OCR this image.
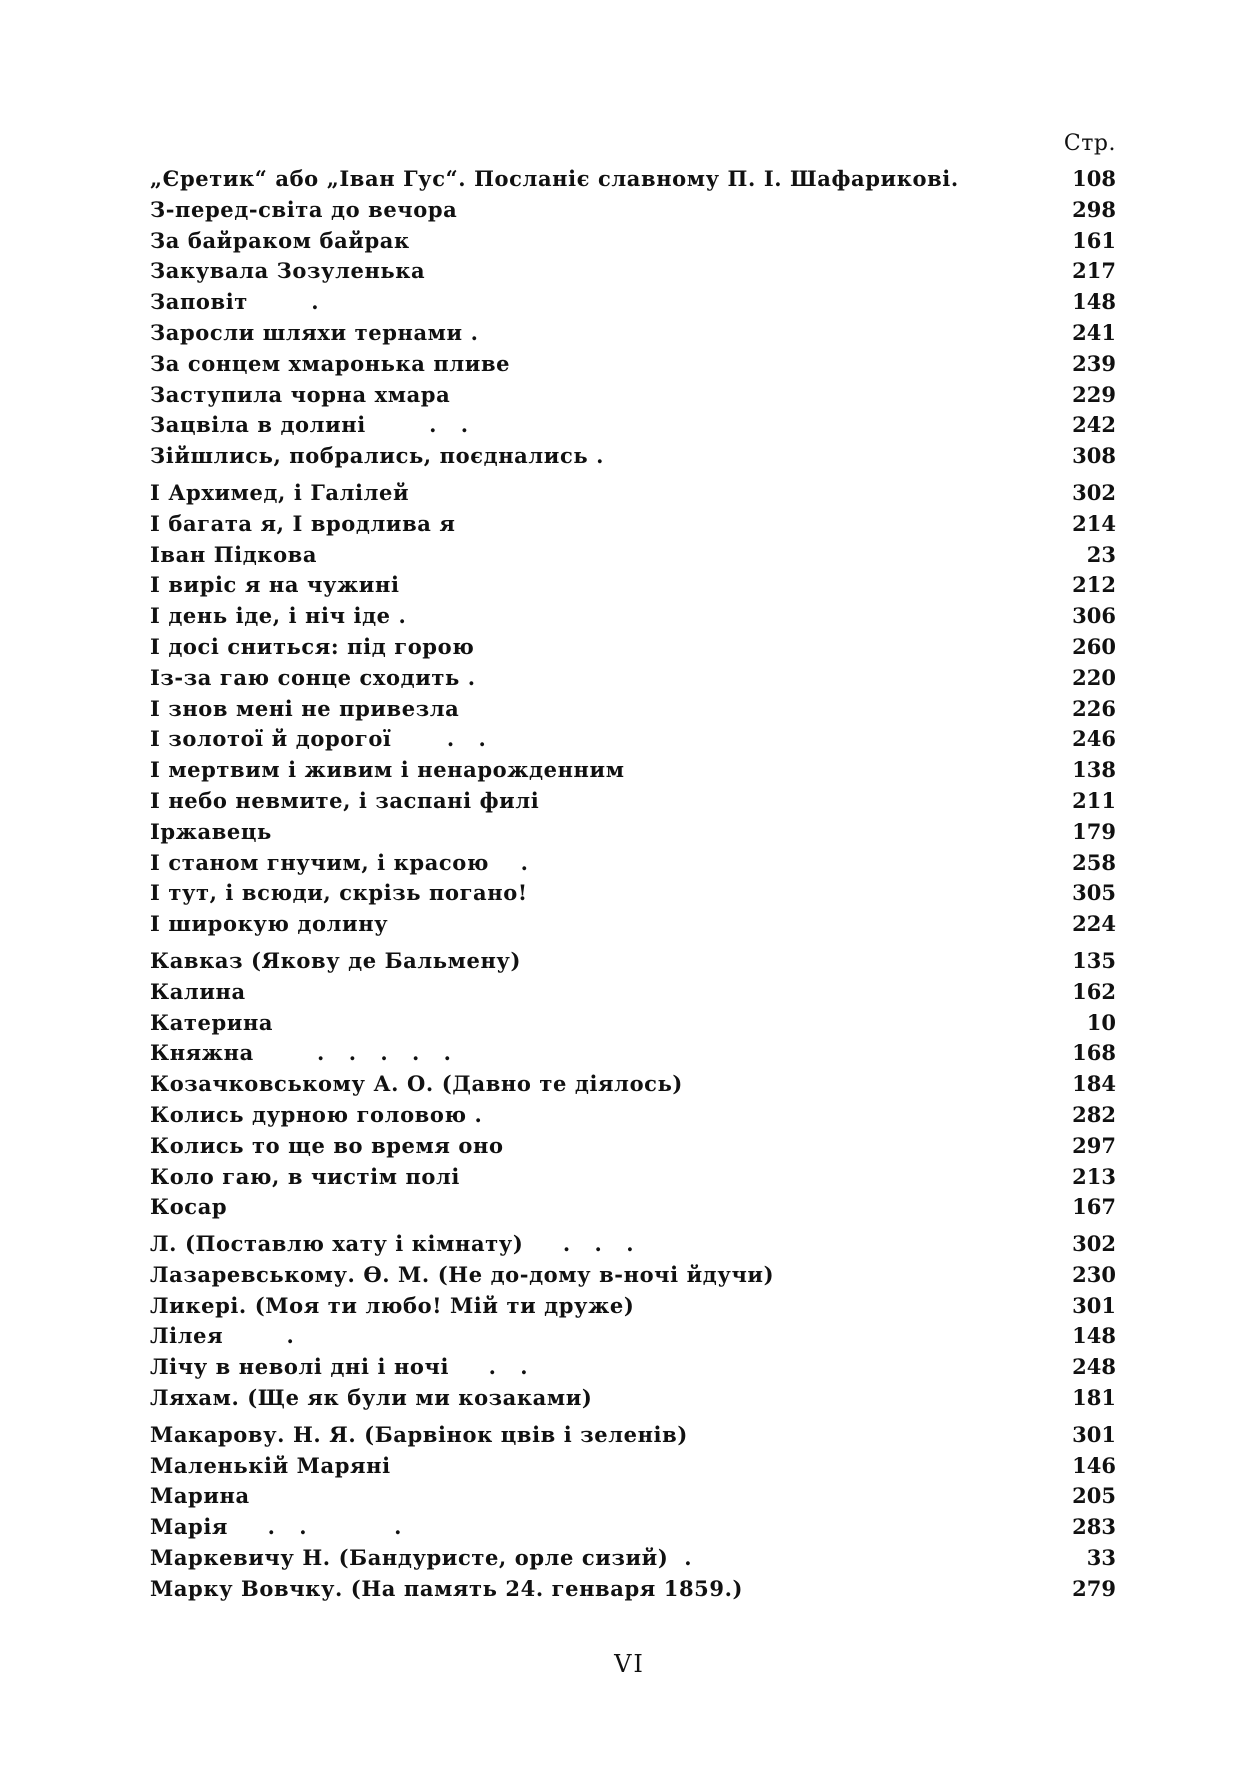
Стр.
„Єретик“ або „Іван Гус“. Посланіє славному П. І. Шафарикові.	108
З-перед-світа до вечора	298
За байраком байрак	161
Закувала Зозуленька	217
Заповіт        .	148
Заросли шляхи тернами .	241
За сонцем хмаронька пливе	239
Заступила чорна хмара	229
Зацвіла в долині        .   .	242
Зійшлись, побрались, поєднались .	308
І Архимед, і Галілей	302
І багата я, І вродлива я	214
Іван Підкова	23
І виріс я на чужині	212
І день іде, і ніч іде .	306
І досі сниться: під горою	260
Із-за гаю сонце сходить .	220
І знов мені не привезла	226
І золотої й дорогої       .   .	246
І мертвим і живим і ненарожденним	138
І небо невмите, і заспані филі	211
Іржавець	179
І станом гнучим, і красою    .	258
І тут, і всюди, скрізь погано!	305
І широкую долину	224
Кавказ (Якову де Бальмену)	135
Калина	162
Катерина	10
Княжна        .   .   .   .   .	168
Козачковському А. О. (Давно те діялось)	184
Колись дурною головою .	282
Колись то ще во время оно	297
Коло гаю, в чистім полі	213
Косар	167
Л. (Поставлю хату і кімнату)     .   .   .	302
Лазаревському. Ө. М. (Не до-дому в-ночі йдучи)	230
Ликері. (Моя ти любо! Мій ти друже)	301
Лілея        .	148
Лічу в неволі дні і ночі     .   .	248
Ляхам. (Ще як були ми козаками)	181
Макарову. Н. Я. (Барвінок цвів і зеленів)	301
Маленькій Маряні	146
Марина	205
Марія     .   .           .	283
Маркевичу Н. (Бандуристе, орле сизий)  .	33
Марку Вовчку. (На память 24. генваря 1859.)	279
VI
